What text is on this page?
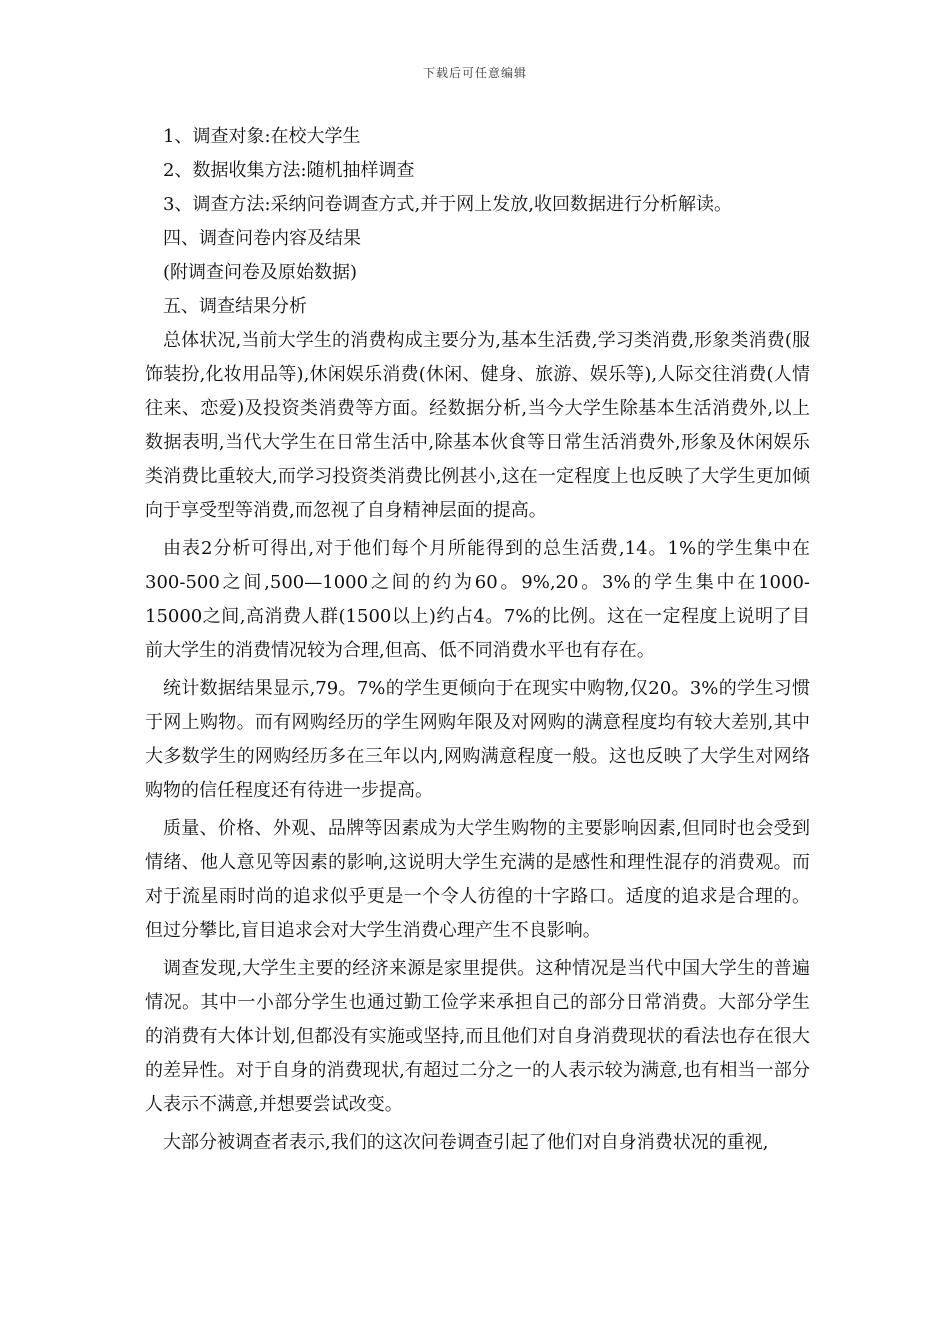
下载后可任意编辑

1、调查对象:在校大学生

2、数据收集方法:随机抽样调查

3、调查方法:采纳问卷调查方式,并于网上发放,收回数据进行分析解读。

四、调查问卷内容及结果

(附调查问卷及原始数据)

五、调查结果分析

总体状况,当前大学生的消费构成主要分为,基本生活费,学习类消费,形象类消费(服饰装扮,化妆用品等),休闲娱乐消费(休闲、健身、旅游、娱乐等),人际交往消费(人情往来、恋爱)及投资类消费等方面。经数据分析,当今大学生除基本生活消费外,以上数据表明,当代大学生在日常生活中,除基本伙食等日常生活消费外,形象及休闲娱乐类消费比重较大,而学习投资类消费比例甚小,这在一定程度上也反映了大学生更加倾向于享受型等消费,而忽视了自身精神层面的提高。

由表2分析可得出,对于他们每个月所能得到的总生活费,14。1%的学生集中在300-500之间,500—1000之间的约为60。9%,20。3%的学生集中在1000-15000之间,高消费人群(1500以上)约占4。7%的比例。这在一定程度上说明了目前大学生的消费情况较为合理,但高、低不同消费水平也有存在。

统计数据结果显示,79。7%的学生更倾向于在现实中购物,仅20。3%的学生习惯于网上购物。而有网购经历的学生网购年限及对网购的满意程度均有较大差别,其中大多数学生的网购经历多在三年以内,网购满意程度一般。这也反映了大学生对网络购物的信任程度还有待进一步提高。

质量、价格、外观、品牌等因素成为大学生购物的主要影响因素,但同时也会受到情绪、他人意见等因素的影响,这说明大学生充满的是感性和理性混存的消费观。而对于流星雨时尚的追求似乎更是一个令人彷徨的十字路口。适度的追求是合理的。但过分攀比,盲目追求会对大学生消费心理产生不良影响。

调查发现,大学生主要的经济来源是家里提供。这种情况是当代中国大学生的普遍情况。其中一小部分学生也通过勤工俭学来承担自己的部分日常消费。大部分学生的消费有大体计划,但都没有实施或坚持,而且他们对自身消费现状的看法也存在很大的差异性。对于自身的消费现状,有超过二分之一的人表示较为满意,也有相当一部分人表示不满意,并想要尝试改变。

大部分被调查者表示,我们的这次问卷调查引起了他们对自身消费状况的重视,
